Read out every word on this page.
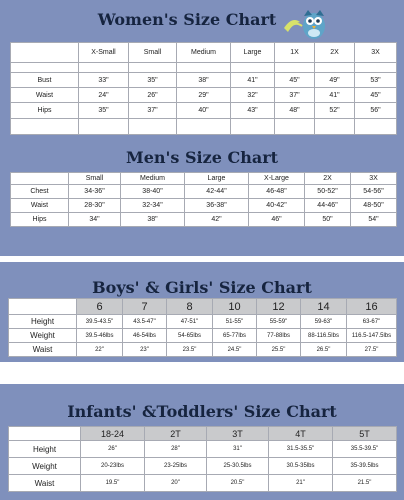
Women's Size Chart
	X-Small	Small	Medium	Large	1X	2X	3X

Bust	33"	35"	38"	41"	45"	49"	53"
Waist	24"	26"	29"	32"	37"	41"	45"
Hips	35"	37"	40"	43"	48"	52"	56"

Men's Size Chart
	Small	Medium	Large	X-Large	2X	3X
Chest	34-36"	38-40"	42-44"	46-48"	50-52"	54-56"
Waist	28-30"	32-34"	36-38"	40-42"	44-46"	48-50"
Hips	34"	38"	42"	46"	50"	54"
Boys' & Girls' Size Chart
	6	7	8	10	12	14	16
Height	39.5-43.5"	43.5-47"	47-51"	51-55"	55-59"	59-63"	63-67"
Weight	39.5-46lbs	46-54lbs	54-65lbs	65-77lbs	77-88lbs	88-116.5lbs	116.5-147.5lbs
Waist	22"	23"	23.5"	24.5"	25.5"	26.5"	27.5"
Infants' &Toddlers' Size Chart
	18-24	2T	3T	4T	5T
Height	26"	28"	31"	31.5-35.5"	35.5-39.5"
Weight	20-23lbs	23-25lbs	25-30.5lbs	30.5-35lbs	35-39.5lbs
Waist	19.5"	20"	20.5"	21"	21.5"
